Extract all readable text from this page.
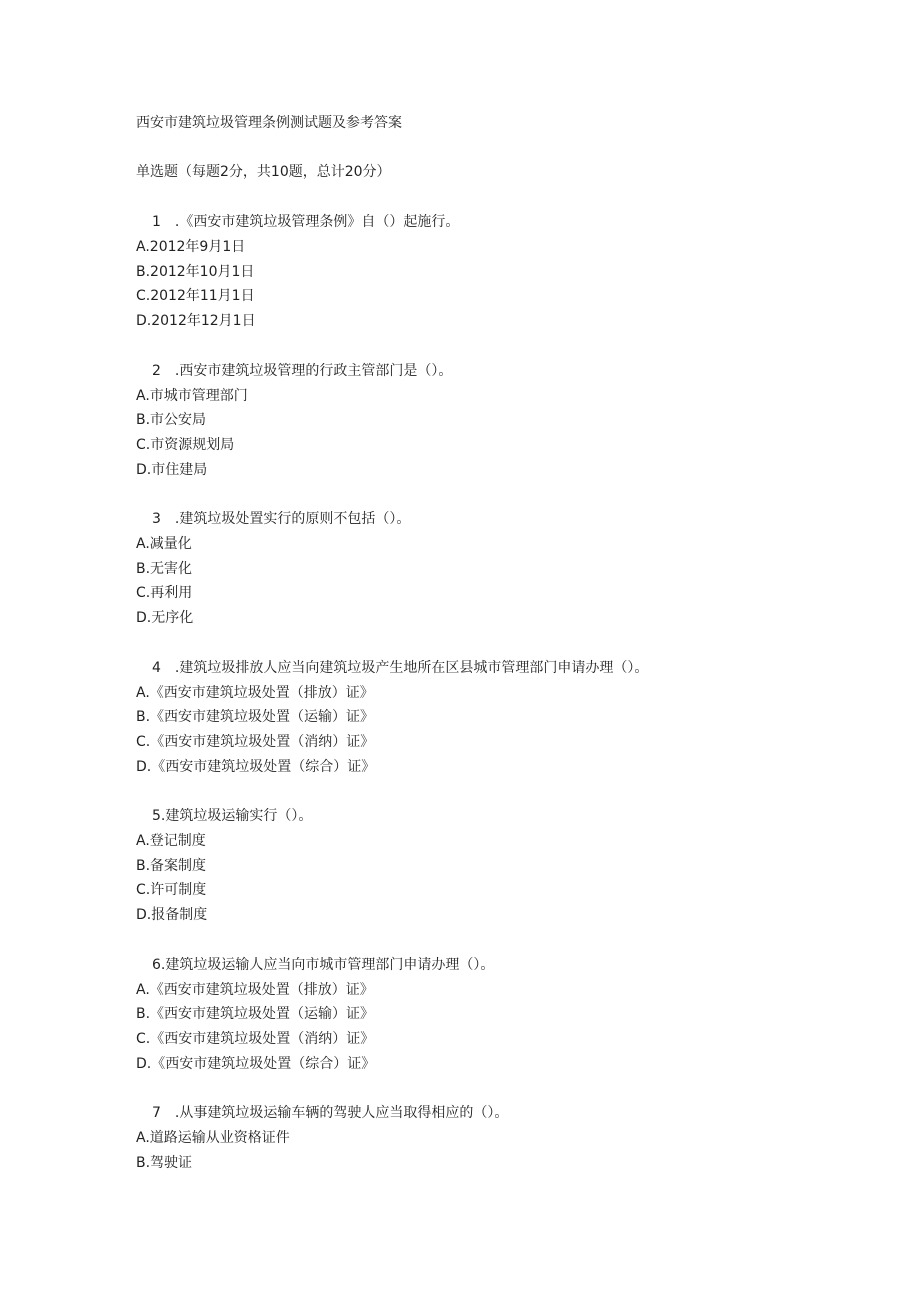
西安市建筑垃圾管理条例测试题及参考答案
单选题（每题2分，共10题，总计20分）
1　.《西安市建筑垃圾管理条例》自（）起施行。
A.2012年9月1日
B.2012年10月1日
C.2012年11月1日
D.2012年12月1日
2　.西安市建筑垃圾管理的行政主管部门是（）。
A.市城市管理部门
B.市公安局
C.市资源规划局
D.市住建局
3　.建筑垃圾处置实行的原则不包括（）。
A.减量化
B.无害化
C.再利用
D.无序化
4　.建筑垃圾排放人应当向建筑垃圾产生地所在区县城市管理部门申请办理（）。
A.《西安市建筑垃圾处置（排放）证》
B.《西安市建筑垃圾处置（运输）证》
C.《西安市建筑垃圾处置（消纳）证》
D.《西安市建筑垃圾处置（综合）证》
5.建筑垃圾运输实行（）。
A.登记制度
B.备案制度
C.许可制度
D.报备制度
6.建筑垃圾运输人应当向市城市管理部门申请办理（）。
A.《西安市建筑垃圾处置（排放）证》
B.《西安市建筑垃圾处置（运输）证》
C.《西安市建筑垃圾处置（消纳）证》
D.《西安市建筑垃圾处置（综合）证》
7　.从事建筑垃圾运输车辆的驾驶人应当取得相应的（）。
A.道路运输从业资格证件
B.驾驶证
